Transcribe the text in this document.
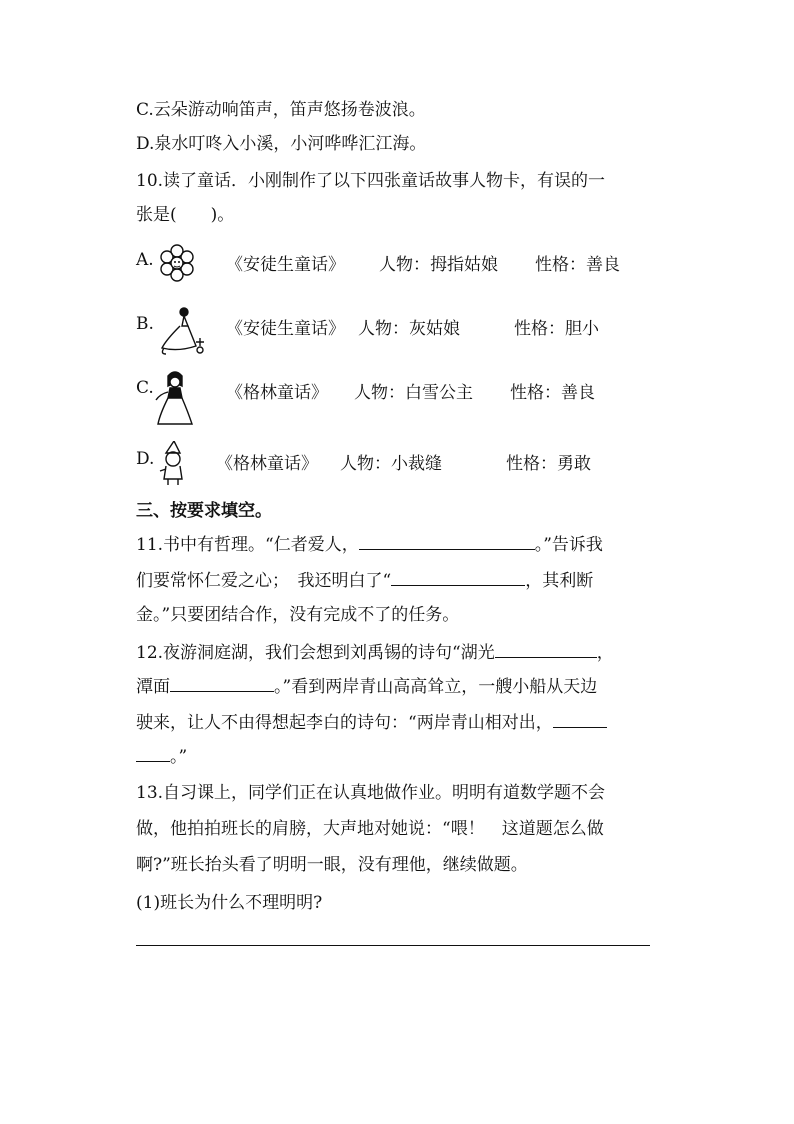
C.云朵游动响笛声，笛声悠扬卷波浪。
D.泉水叮咚入小溪，小河哗哗汇江海。
10.读了童话．小刚制作了以下四张童话故事人物卡，有误的一
张是(　　)。
A.	《安徒生童话》 人物：拇指姑娘 性格：善良
B.	《安徒生童话》 人物：灰姑娘	性格：胆小
C.	《格林童话》 人物：白雪公主 性格：善良
D.	《格林童话》 人物：小裁缝	性格：勇敢
三、按要求填空。
11.书中有哲理。“仁者爱人，	。”告诉我
们要常怀仁爱之心；　我还明白了“	，其利断
金。”只要团结合作，没有完成不了的任务。
12.夜游洞庭湖，我们会想到刘禹锡的诗句“湖光	，
潭面	。”看到两岸青山高高耸立，一艘小船从天边
驶来，让人不由得想起李白的诗句：“两岸青山相对出，
。”
13.自习课上，同学们正在认真地做作业。明明有道数学题不会
做，他拍拍班长的肩膀，大声地对她说：“喂！　这道题怎么做
啊?”班长抬头看了明明一眼，没有理他，继续做题。
(1)班长为什么不理明明?
